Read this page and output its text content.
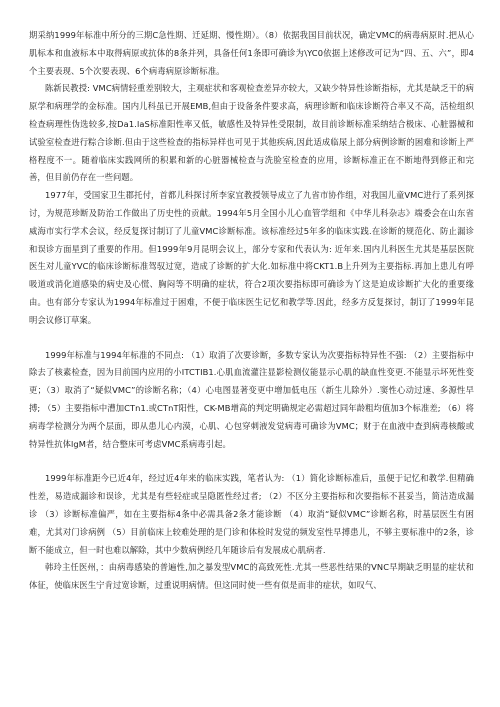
期采纳1999年标准中所分的三期C急性期、迁延期、慢性期）。（8）依据我国目前状况，确定VMC的病毒病原时.把从心肌标本和血液标本中取得病原或抗体的8条并列，具备任何1条即可确诊为\YC0依据上述修改可记为“四、五、六”，即4个主要表现、5个次要表现、6个病毒病原诊断标准。

陈新民教授: VMC病情轻重差别较大，主观症状和客观检查差异亦较大，又缺少特异性诊断指标，尤其是缺乏干的病原学和病理学的金标准。国内儿科虽已开展EMB,但由于设备条件要求高，病理诊断和临床诊断符合率又不高，活检组织检查病理性伪选较多,按Da1.laS标准阳性率又低，敏感性及特异性受限制，故目前诊断标准采纳结合极床、心脏器械和试验室检查进行粽合诊断.但由于这些检查的指标异样也可见于其他疾病,因此适成临尿上部分病例诊断的困难和诊断上严格程度不一。随着临床实践网所的积累和新的心脏器械检查与洗脸室检查的应用，诊断标准正在不断地得到修正和完善，但目前仍存在一些问题。

1977年，受国家卫生郡托付，首都儿科探讨所李家宜教授领导成立了九省市协作组，对我国儿童VMC进行了系列探讨，为规范珍断及防治工作做出了历史性的贡献。1994年5月全国小儿心血管学组和《中华儿科杂志》端委会在山东省威海市实行学术会议，经反复探讨制订了儿童VMC诊断标准。该标准经过5年多的临床实践.在诊断的规范化、防止漏诊和误诊方面星到了重要的作用。但1999年9月昆明会议上，部分专家和代表认为: 近年来.国内儿科医生尤其是基层医院医生对儿童YVC的临床诊断标准驾驭过宽，造成了诊断的扩大化.如标准中将CKT1.B上升列为主要指标.再加上患儿有呼吸道或消化道感染的病史及心慌、胸闷等不明确的症状，符合2项次要指标即可确诊为丫这是迫成诊断扩大化的重要缘由。也有部分专家认为1994年标准过于困难，不便于临床医生记忆和教学等.因此，经多方反复探讨，制订了1999年昆明会议修订草案。

1999年标准与1994年标准的不同点: （1）取消了次要诊断，多数专家认为次要指标特异性不强: （2）主要指标中除去了核素检查，因为目前国内应用的小ITCTIB1.心肌血流灌注显影检测仪能显示心肌的缺血性变更.不能显示坏死性变更；（3）取消了“疑似VMC”的诊断名称；（4）心电图显著变更中增加低电压（新生儿除外）.窦性心动过速、多源性早搏; （5）主要指标中漕加CTn1.或CTnT阳性，CK-MB增高的判定明确规定必需超过同年龄粗均值加3个标准差; （6）将病毒学检测分为两个层面，即从患儿心内漠，心肌、心包穿刺液发觉病毒可确诊为VMC；财于在血液中查到病毒核酸或特异性抗体lgM者，结合整床可考虑VMC系病毒引起。

1999年标准距今已近4年，经过近4年来的临床实践，笔者认为: （1）简化诊断标准后，虽便于记忆和教学.但精确性差，易造成漏诊和误诊，尤其是有些轻症或呈隐匿性经过者; （2）不区分主要指标和次要指标不甚妥当，简洁造成漏诊 （3）诊断标准偏严，如在主要指标4条中必需具备2条才能诊断 （4）取消“疑似VMC”诊断名称，时基层医生有困难，尤其对门诊病例 （5）目前临床上较难处理的是门诊和体检时发觉的频发室性早搏患儿，不够主要标准中的2条，诊断不能成立，但一时也难以解除，其中少数病例经几年随诊后有发展成心肌病者.

韩玲主任医州，：由病毒感染的普遍性,加之暴发型VMC的高致死性.尤其一些恶性结果的VNC早期缺乏明显的症状和体征，使临床医生宁肯过宽诊断，过重说明病情。但这同时使一些有似是而非的症状，如叹气、
